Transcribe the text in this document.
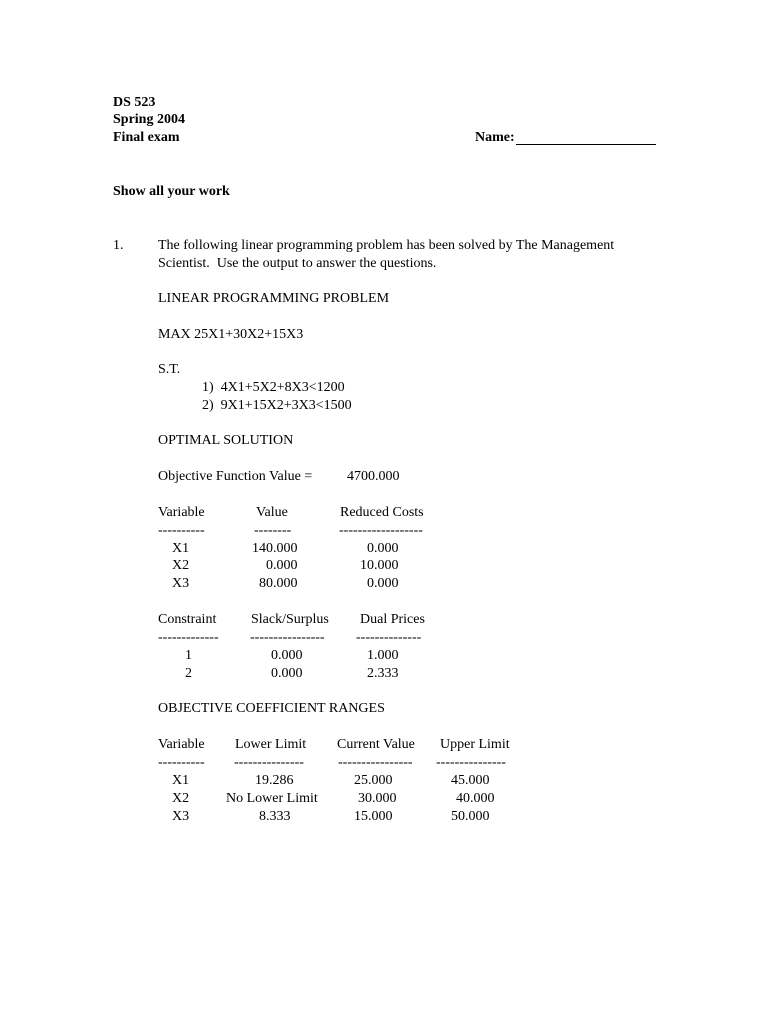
DS 523
Spring 2004
Final exam	Name:
Show all your work
1. The following linear programming problem has been solved by The Management
Scientist.  Use the output to answer the questions.
LINEAR PROGRAMMING PROBLEM
MAX 25X1+30X2+15X3
S.T.
1)  4X1+5X2+8X3<1200
2)  9X1+15X2+3X3<1500
OPTIMAL SOLUTION
Objective Function Value = 4700.000
Variable	Value	Reduced Costs
----------	--------	------------------
X1	140.000	0.000
X2	0.000	10.000
X3	80.000	0.000
Constraint Slack/Surplus Dual Prices
------------- ---------------- --------------
1	0.000	1.000
2	0.000	2.333
OBJECTIVE COEFFICIENT RANGES
Variable Lower Limit Current Value Upper Limit
---------- --------------- ---------------- ---------------
X1	19.286	25.000	45.000
X2	No Lower Limit	30.000	40.000
X3	8.333	15.000	50.000
